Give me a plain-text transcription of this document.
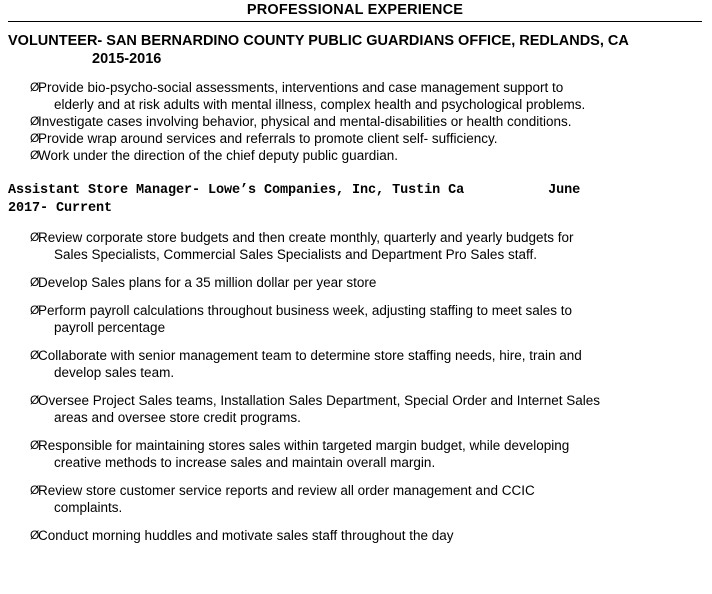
PROFESSIONAL EXPERIENCE
VOLUNTEER- SAN BERNARDINO COUNTY PUBLIC GUARDIANS OFFICE, REDLANDS, CA2015-2016
Ø
Provide bio-psycho-social assessments, interventions and case management support to
elderly and at risk adults with mental illness, complex health and psychological problems.
Ø
Investigate cases involving behavior, physical and mental-disabilities or health conditions.
Ø
Provide wrap around services and referrals to promote client self- sufficiency.
Ø
Work under the direction of the chief deputy public guardian.
Assistant Store Manager- Lowe’s Companies, Inc, Tustin Ca	June
2017- Current
Ø
Review corporate store budgets and then create monthly, quarterly and yearly budgets for
Sales Specialists, Commercial Sales Specialists and Department Pro Sales staff.
Ø
Develop Sales plans for a 35 million dollar per year store
Ø
Perform payroll calculations throughout business week, adjusting staffing to meet sales to
payroll percentage
Ø
Collaborate with senior management team to determine store staffing needs, hire, train and
develop sales team.
Ø
Oversee Project Sales teams, Installation Sales Department, Special Order and Internet Sales
areas and oversee store credit programs.
Ø
Responsible for maintaining stores sales within targeted margin budget, while developing
creative methods to increase sales and maintain overall margin.
Ø
Review store customer service reports and review all order management and CCIC
complaints.
Ø
Conduct morning huddles and motivate sales staff throughout the day
